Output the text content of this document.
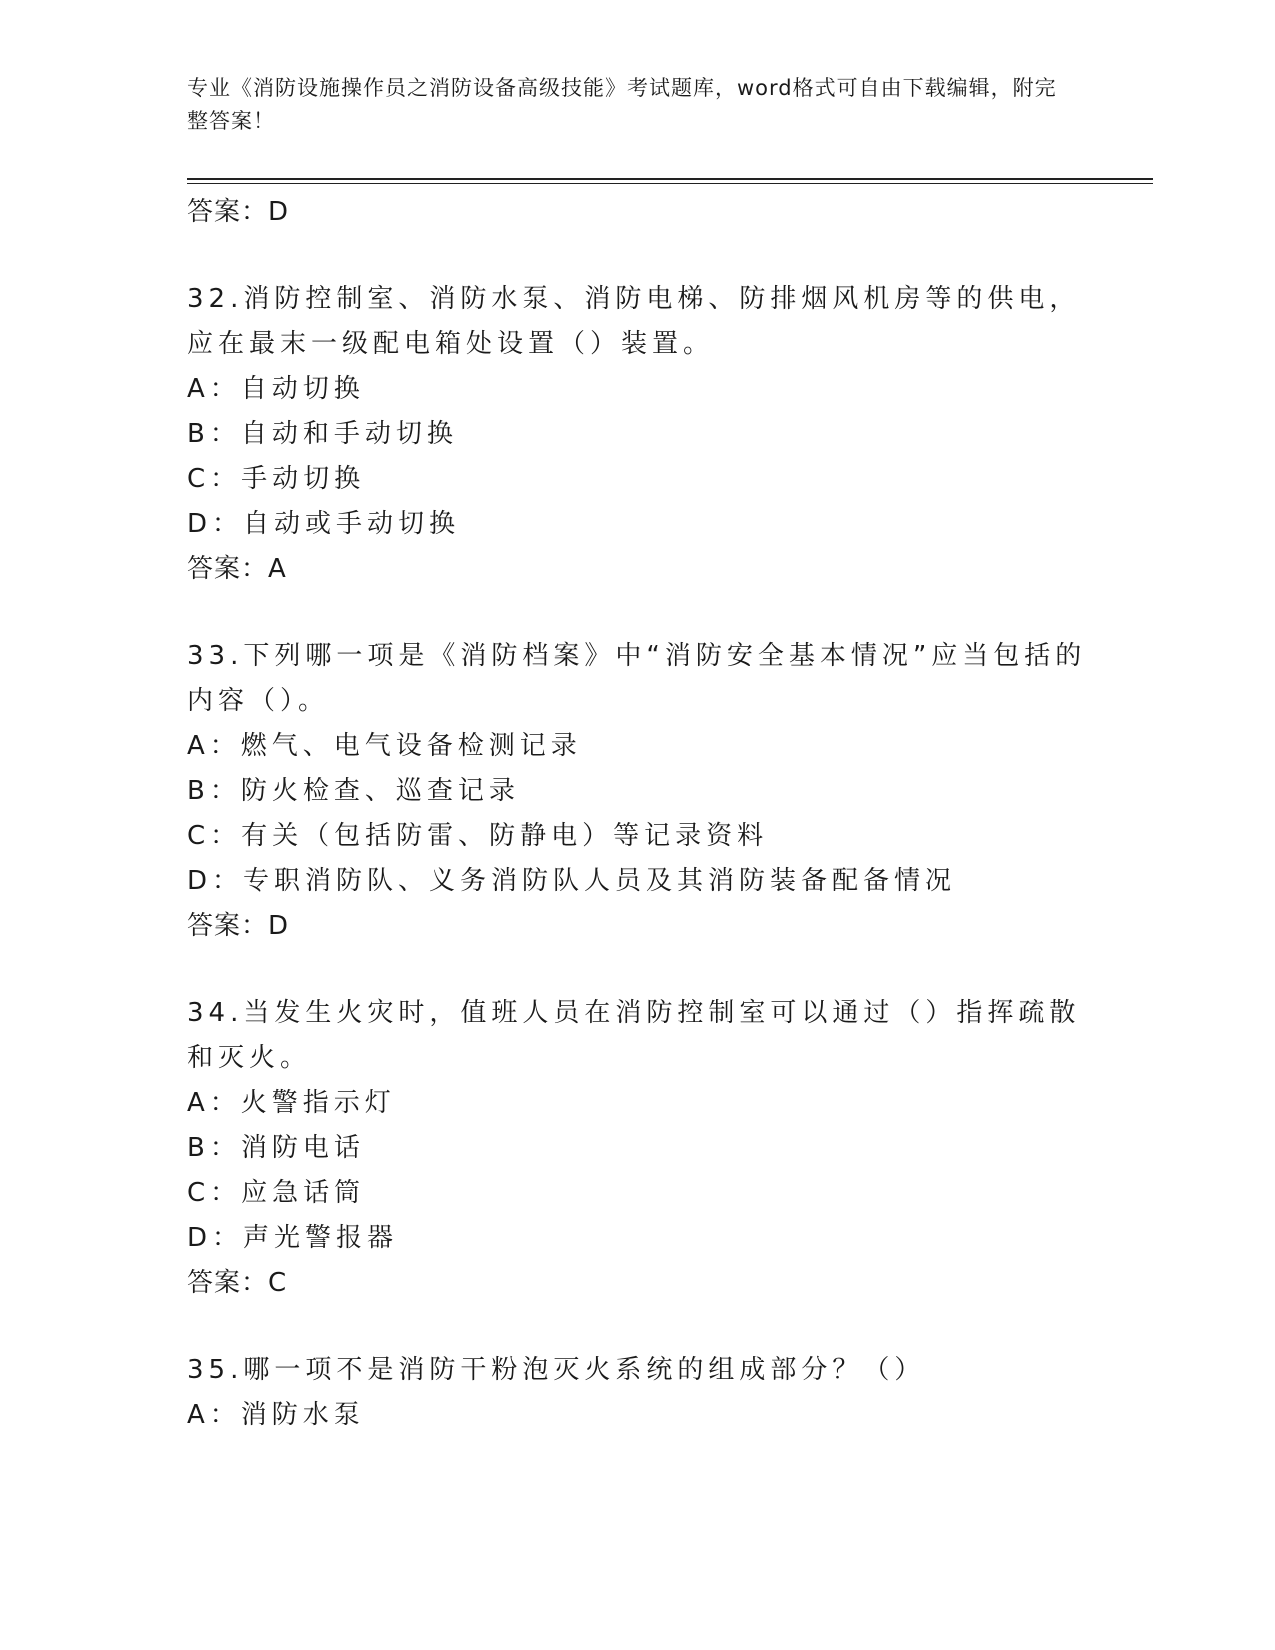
专业《消防设施操作员之消防设备高级技能》考试题库，word格式可自由下载编辑，附完整答案！
答案：D
32.消防控制室、消防水泵、消防电梯、防排烟风机房等的供电，应在最末一级配电箱处设置（）装置。
A：自动切换
B：自动和手动切换
C：手动切换
D：自动或手动切换
答案：A
33.下列哪一项是《消防档案》中“消防安全基本情况”应当包括的内容（）。
A：燃气、电气设备检测记录
B：防火检查、巡查记录
C：有关（包括防雷、防静电）等记录资料
D：专职消防队、义务消防队人员及其消防装备配备情况
答案：D
34.当发生火灾时，值班人员在消防控制室可以通过（）指挥疏散和灭火。
A：火警指示灯
B：消防电话
C：应急话筒
D：声光警报器
答案：C
35.哪一项不是消防干粉泡灭火系统的组成部分？（）
A：消防水泵
